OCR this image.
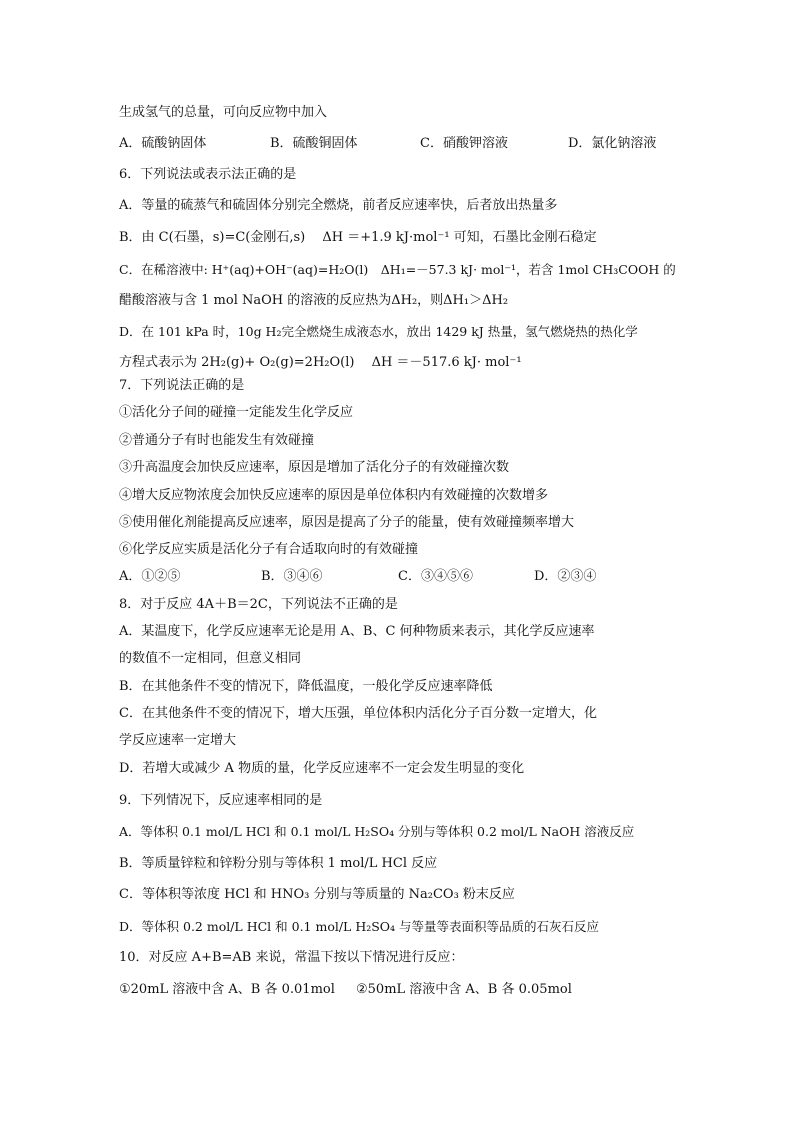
生成氢气的总量，可向反应物中加入
A．硫酸钠固体	B．硫酸铜固体	C．硝酸钾溶液	D．氯化钠溶液
6．下列说法或表示法正确的是
A．等量的硫蒸气和硫固体分别完全燃烧，前者反应速率快，后者放出热量多
B．由 C(石墨，s)=C(金刚石,s)　 ΔH ＝+1.9 kJ·mol⁻¹ 可知，石墨比金刚石稳定
C．在稀溶液中: H⁺(aq)+OH⁻(aq)=H₂O(l)　ΔH₁=－57.3 kJ· mol⁻¹，若含 1mol CH₃COOH 的
醋酸溶液与含 1 mol NaOH 的溶液的反应热为ΔH₂，则ΔH₁＞ΔH₂
D．在 101 kPa 时，10g H₂完全燃烧生成液态水，放出 1429 kJ 热量，氢气燃烧热的热化学
方程式表示为 2H₂(g)+ O₂(g)=2H₂O(l)　 ΔH ＝－517.6 kJ· mol⁻¹
7．下列说法正确的是
①活化分子间的碰撞一定能发生化学反应
②普通分子有时也能发生有效碰撞
③升高温度会加快反应速率，原因是增加了活化分子的有效碰撞次数
④增大反应物浓度会加快反应速率的原因是单位体积内有效碰撞的次数增多
⑤使用催化剂能提高反应速率，原因是提高了分子的能量，使有效碰撞频率增大
⑥化学反应实质是活化分子有合适取向时的有效碰撞
A．①②⑤	B．③④⑥	C．③④⑤⑥	D．②③④
8．对于反应 4A＋B＝2C，下列说法不正确的是
A．某温度下，化学反应速率无论是用 A、B、C 何种物质来表示，其化学反应速率
的数值不一定相同，但意义相同
B．在其他条件不变的情况下，降低温度，一般化学反应速率降低
C．在其他条件不变的情况下，增大压强，单位体积内活化分子百分数一定增大，化
学反应速率一定增大
D．若增大或减少 A 物质的量，化学反应速率不一定会发生明显的变化
9．下列情况下，反应速率相同的是
A．等体积 0.1 mol/L HCl 和 0.1 mol/L H₂SO₄ 分别与等体积 0.2 mol/L NaOH 溶液反应
B．等质量锌粒和锌粉分别与等体积 1 mol/L HCl 反应
C．等体积等浓度 HCl 和 HNO₃ 分别与等质量的 Na₂CO₃ 粉末反应
D．等体积 0.2 mol/L HCl 和 0.1 mol/L H₂SO₄ 与等量等表面积等品质的石灰石反应
10．对反应 A+B=AB 来说，常温下按以下情况进行反应：
①20mL 溶液中含 A、B 各 0.01mol ②50mL 溶液中含 A、B 各 0.05mol
